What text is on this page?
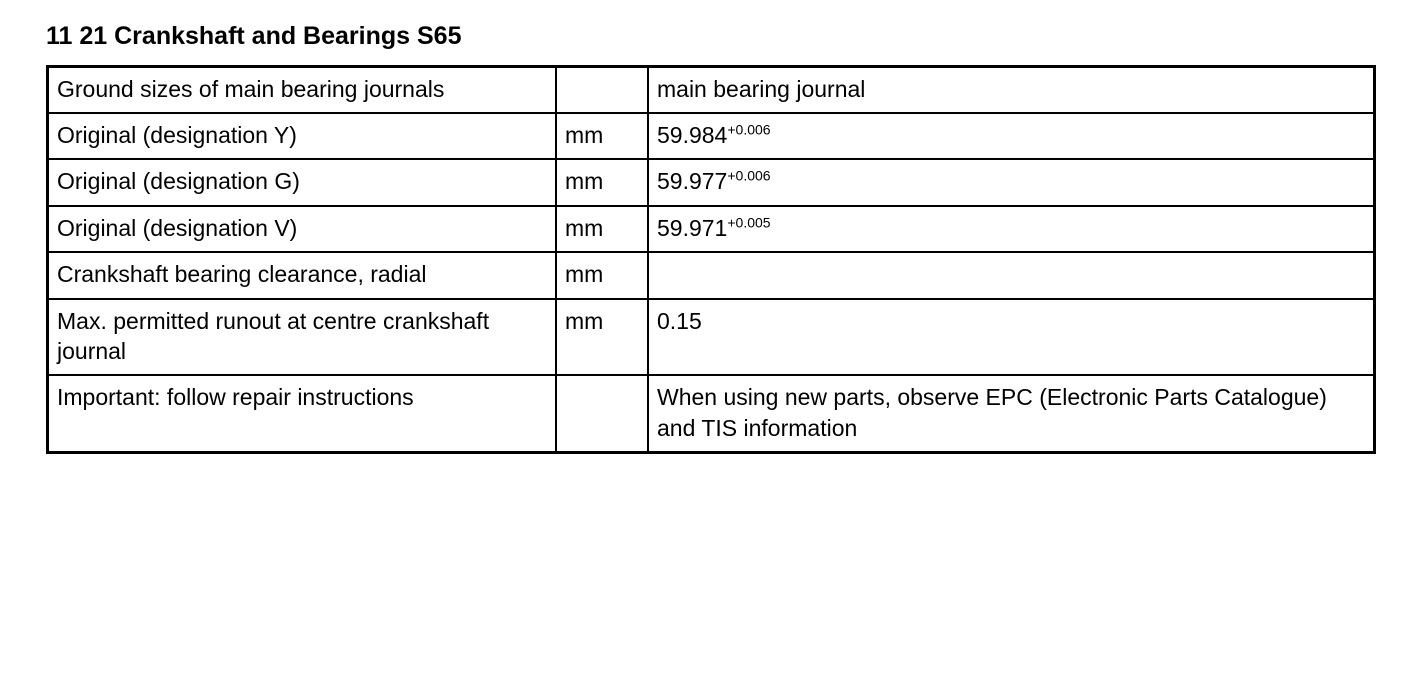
11 21 Crankshaft and Bearings S65
Ground sizes of main bearing journals		main bearing journal
Original (designation Y)	mm	$59.984^{+0.006}$
Original (designation G)	mm	$59.977^{+0.006}$
Original (designation V)	mm	$59.971^{+0.005}$
Crankshaft bearing clearance, radial	mm	
Max. permitted runout at centre crankshaft journal	mm	0.15
Important: follow repair instructions		When using new parts, observe EPC (Electronic Parts Catalogue) and TIS information
